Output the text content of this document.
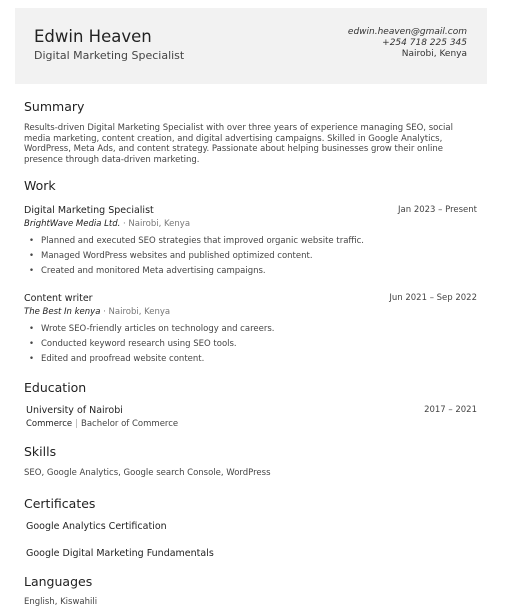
Edwin Heaven
Digital Marketing Specialist
edwin.heaven@gmail.com
+254 718 225 345
Nairobi, Kenya
Summary
Results-driven Digital Marketing Specialist with over three years of experience managing SEO, social media marketing, content creation, and digital advertising campaigns. Skilled in Google Analytics, WordPress, Meta Ads, and content strategy. Passionate about helping businesses grow their online presence through data-driven marketing.
Work
Digital Marketing Specialist	Jan 2023 – Present
BrightWave Media Ltd. · Nairobi, Kenya
• Planned and executed SEO strategies that improved organic website traffic.
• Managed WordPress websites and published optimized content.
• Created and monitored Meta advertising campaigns.
Content writer	Jun 2021 – Sep 2022
The Best In kenya · Nairobi, Kenya
• Wrote SEO-friendly articles on technology and careers.
• Conducted keyword research using SEO tools.
• Edited and proofread website content.
Education
University of Nairobi	2017 – 2021
Commerce | Bachelor of Commerce
Skills
SEO, Google Analytics, Google search Console, WordPress
Certificates
Google Analytics Certification
Google Digital Marketing Fundamentals
Languages
English, Kiswahili
